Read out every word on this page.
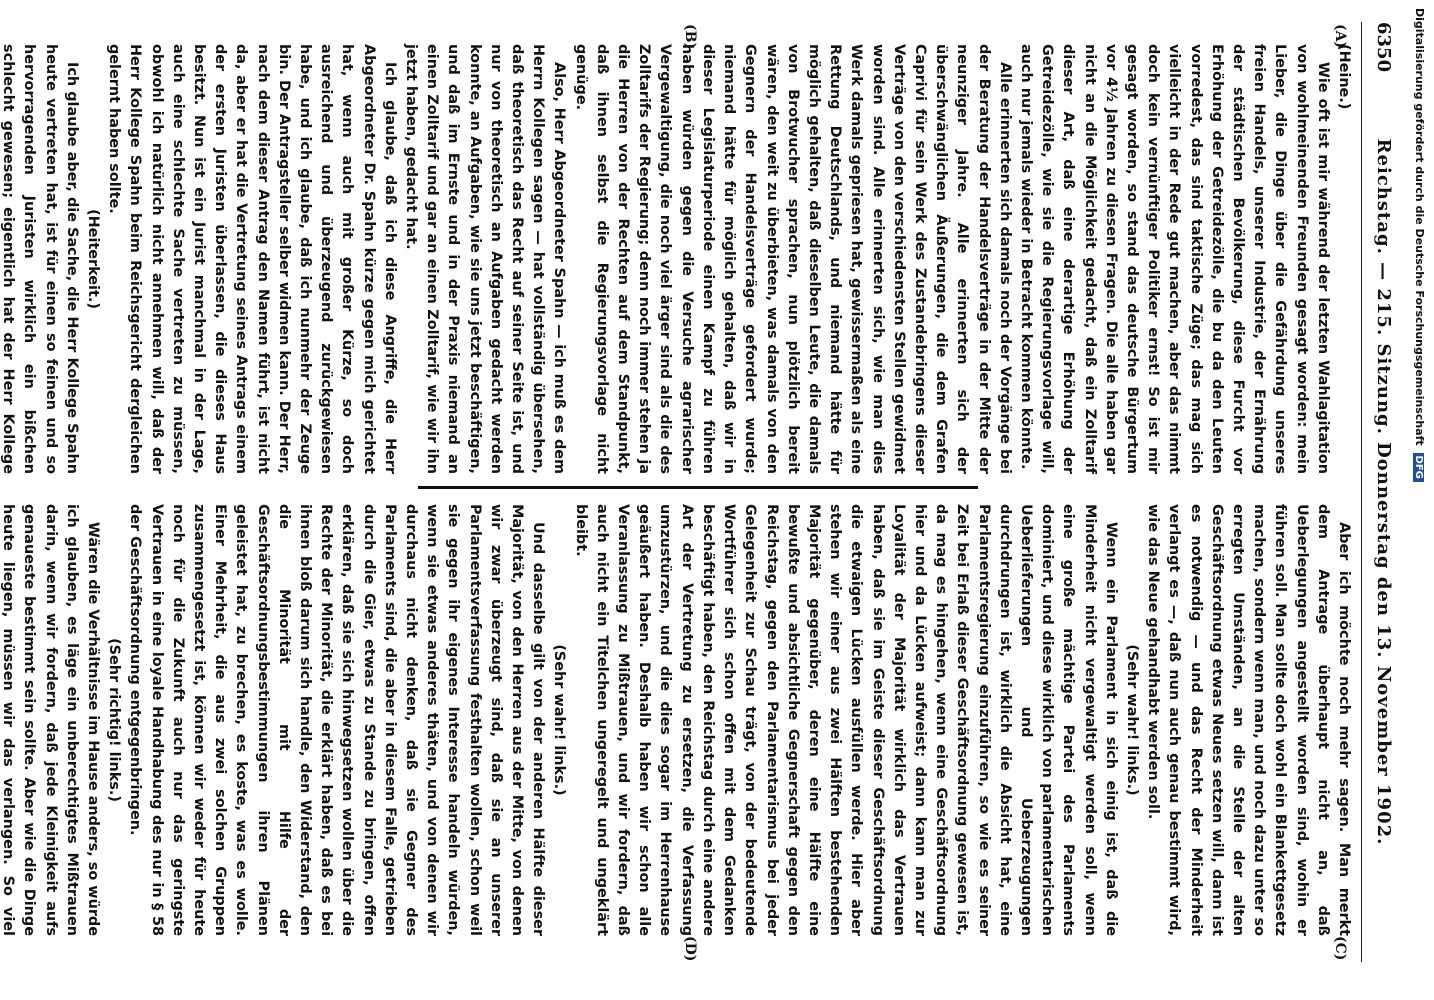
6350
Reichstag. — 215. Sitzung. Donnerstag den 13. November 1902.
(A)
(B)
(C)
(D)

(Heine.)

Wie oft ist mir während der letzten Wahlagitation von wohlmeinenden Freunden gesagt worden: mein Lieber, die Dinge über die Gefährdung unseres freien Handels, unserer Industrie, der Ernährung der städtischen Bevölkerung, diese Furcht vor Erhöhung der Getreidezölle, die bu da den Leuten vorredest, das sind taktische Züge; das mag sich vielleicht in der Rede gut machen, aber das nimmt doch kein vernünftiger Politiker ernst! So ist mir gesagt worden, so stand das deutsche Bürgertum vor 4½ Jahren zu diesen Fragen. Die alle haben gar nicht an die Möglichkeit gedacht, daß ein Zolltarif dieser Art, daß eine derartige Erhöhung der Getreidezölle, wie sie die Regierungsvorlage will, auch nur jemals wieder in Betracht kommen könnte.

Alle erinnerten sich damals noch der Vorgänge bei der Beratung der Handelsverträge in der Mitte der neunziger Jahre. Alle erinnerten sich der überschwänglichen Äußerungen, die dem Grafen Caprivi für sein Werk des Zustandebringens dieser Verträge von den verschiedensten Stellen gewidmet worden sind. Alle erinnerten sich, wie man dies Werk damals gepriesen hat, gewissermaßen als eine Rettung Deutschlands, und niemand hätte für möglich gehalten, daß dieselben Leute, die damals von Brotwucher sprachen, nun plötzlich bereit wären, den weit zu überbieten, was damals von den Gegnern der Handelsverträge gefordert wurde; niemand hätte für möglich gehalten, daß wir in dieser Legislaturperiode einen Kampf zu führen haben würden gegen die Versuche agrarischer Vergewaltigung, die noch viel ärger sind als die des Zolltarifs der Regierung; denn noch immer stehen ja die Herren von der Rechten auf dem Standpunkt, daß ihnen selbst die Regierungsvorlage nicht genüge.

Also, Herr Abgeordneter Spahn — ich muß es dem Herrn Kollegen sagen — hat vollständig übersehen, daß theoretisch das Recht auf seiner Seite ist, und nur von theoretisch an Aufgaben gedacht werden konnte, an Aufgaben, wie sie uns jetzt beschäftigen, und daß im Ernste und in der Praxis niemand an einen Zolltarif und gar an einen Zolltarif, wie wir ihn jetzt haben, gedacht hat.

Ich glaube, daß ich diese Angriffe, die Herr Abgeordneter Dr. Spahn kürze gegen mich gerichtet hat, wenn auch mit großer Kürze, so doch ausreichend und überzeugend zurückgewiesen habe, und ich glaube, daß ich nunmehr der Zeuge bin. Der Antragsteller selber widmen kann. Der Herr, nach dem dieser Antrag den Namen führt, ist nicht da, aber er hat die Vertretung seines Antrags einem der ersten Juristen überlassen, die dieses Haus besitzt. Nun ist ein Jurist manchmal in der Lage, auch eine schlechte Sache vertreten zu müssen, obwohl ich natürlich nicht annehmen will, daß der Herr Kollege Spahn beim Reichsgericht dergleichen gelernt haben sollte.

(Heiterkeit.)

Ich glaube aber, die Sache, die Herr Kollege Spahn heute vertreten hat, ist für einen so feinen und so hervorragenden Juristen wirklich ein bißchen schlecht gewesen; eigentlich hat der Herr Kollege

Aber ich möchte noch mehr sagen. Man merkt dem Antrage überhaupt nicht an, daß Ueberlegungen angestellt worden sind, wohin er führen soll. Man sollte doch wohl ein Blankettgesetz machen, sondern wenn man, und noch dazu unter so erregten Umständen, an die Stelle der alten Geschäftsordnung etwas Neues setzen will, dann ist es notwendig — und das Recht der Minderheit verlangt es —, daß nun auch genau bestimmt wird, wie das Neue gehandhabt werden soll.

(Sehr wahr! links.)

Wenn ein Parlament in sich einig ist, daß die Minderheit nicht vergewaltigt werden soll, wenn eine große mächtige Partei des Parlaments dominiert, und diese wirklich von parlamentarischen Ueberlieferungen und Ueberzeugungen durchdrungen ist, wirklich die Absicht hat, eine Parlamentsregierung einzuführen, so wie es seiner Zeit bei Erlaß dieser Geschäftsordnung gewesen ist, da mag es hingehen, wenn eine Geschäftsordnung hier und da Lücken aufweist; dann kann man zur Loyalität der Majorität wirklich das Vertrauen haben, daß sie im Geiste dieser Geschäftsordnung die etwaigen Lücken ausfüllen werde. Hier aber stehen wir einer aus zwei Hälften bestehenden Majorität gegenüber, deren eine Hälfte eine bewußte und absichtliche Gegnerschaft gegen den Reichstag, gegen den Parlamentarismus bei jeder Gelegenheit zur Schau trägt, von der bedeutende Wortführer sich schon offen mit dem Gedanken beschäftigt haben, den Reichstag durch eine andere Art der Vertretung zu ersetzen, die Verfassung umzustürzen, und die dies sogar im Herrenhause geäußert haben. Deshalb haben wir schon alle Veranlassung zu Mißtrauen, und wir fordern, daß auch nicht ein Titelchen ungeregelt und ungeklärt bleibt.

(Sehr wahr! links.)

Und dasselbe gilt von der anderen Hälfte dieser Majorität, von den Herren aus der Mitte, von denen wir zwar überzeugt sind, daß sie an unserer Parlamentsverfassung festhalten wollen, schon weil sie gegen ihr eigenes Interesse handeln würden, wenn sie etwas anderes thäten, und von denen wir durchaus nicht denken, daß sie Gegner des Parlaments sind, die aber in diesem Falle, getrieben durch die Gier, etwas zu Stande zu bringen, offen erklären, daß sie sich hinwegsetzen wollen über die Rechte der Minorität, die erklärt haben, daß es bei ihnen bloß darum sich handle, den Widerstand, den die Minorität mit Hilfe der Geschäftsordnungsbestimmungen ihren Plänen geleistet hat, zu brechen, es koste, was es wolle. Einer Mehrheit, die aus zwei solchen Gruppen zusammengesetzt ist, können wir weder für heute noch für die Zukunft auch nur das geringste Vertrauen in eine loyale Handhabung des nur in § 58 der Geschäftsordnung entgegenbringen.

(Sehr richtig! links.)

Wären die Verhältnisse im Hause anders, so würde ich glauben, es läge ein unberechtigtes Mißtrauen darin, wenn wir fordern, daß jede Kleinigkeit aufs genaueste bestimmt sein sollte. Aber wie die Dinge heute liegen, müssen wir das verlangen. So viel

Digitalisierung gefördert durch die Deutsche Forschungsgemeinschaft DFG
